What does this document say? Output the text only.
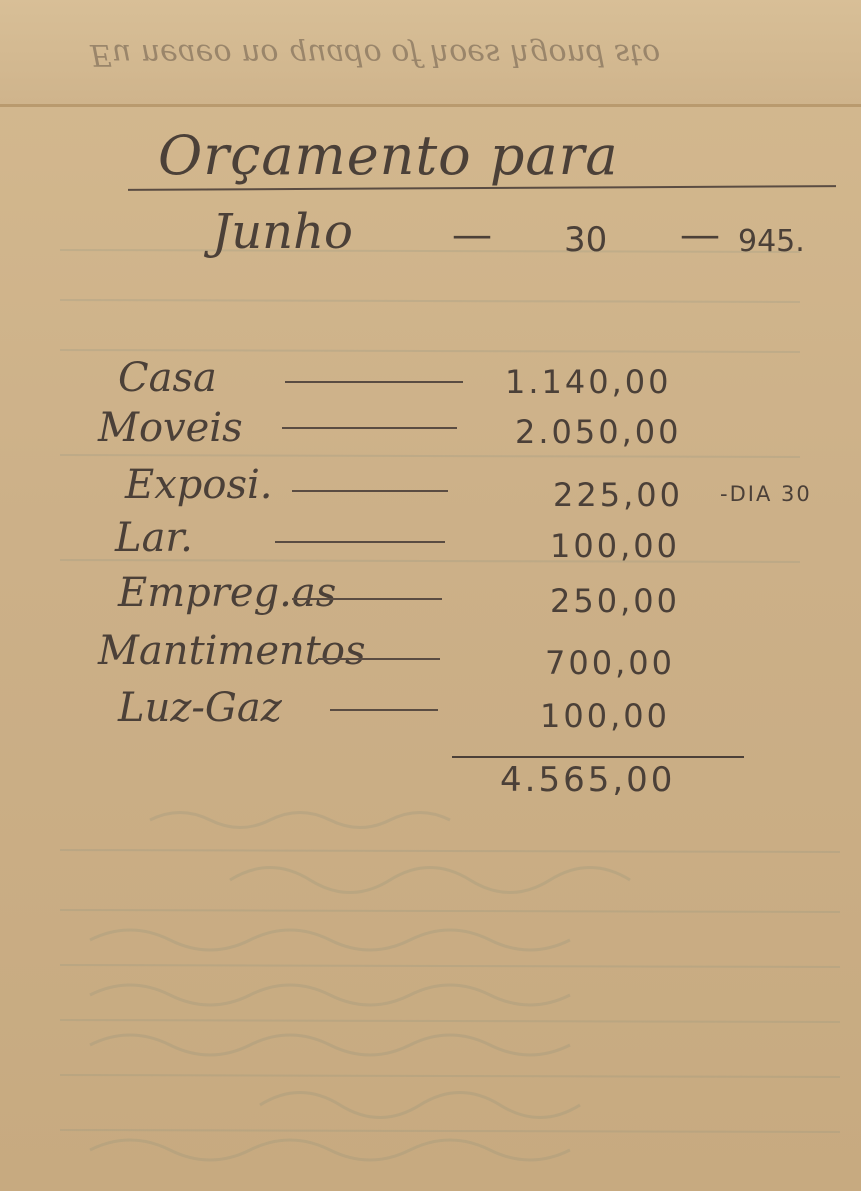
Eu neaeo no quado of hoes hgond sto
Orçamento para
Junho — 30 — 945.
Casa	1.140,00
Moveis	2.050,00
Exposi.	225,00 -DIA 30
Lar.	100,00
Empreg.as	250,00
Mantimentos	700,00
Luz-Gaz	100,00
4.565,00
